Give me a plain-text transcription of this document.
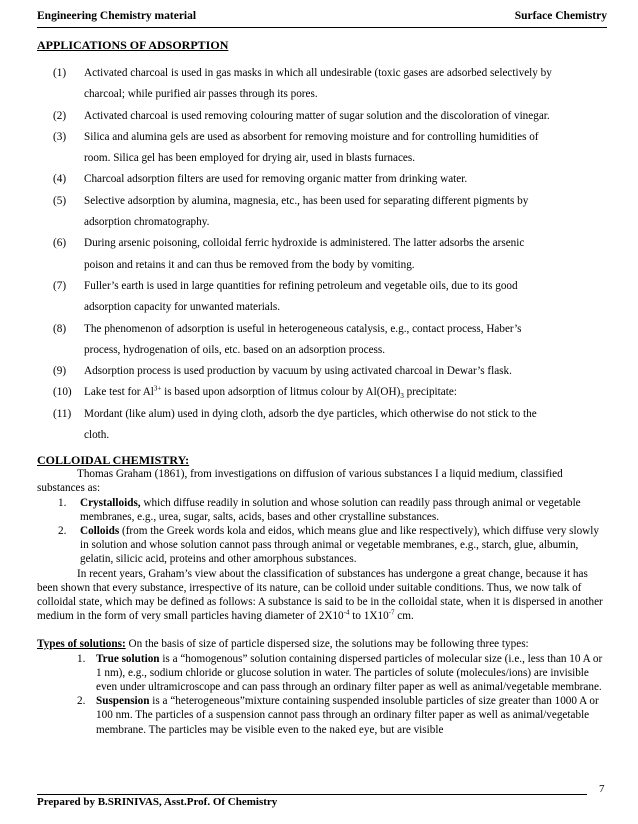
Engineering Chemistry material	Surface Chemistry
APPLICATIONS OF ADSORPTION
(1) Activated charcoal is used in gas masks in which all undesirable (toxic gases are adsorbed selectively by
charcoal; while purified air passes through its pores.
(2) Activated charcoal is used removing colouring matter of sugar solution and the discoloration of vinegar.
(3) Silica and alumina gels are used as absorbent for removing moisture and for controlling humidities of
room. Silica gel has been employed for drying air, used in blasts furnaces.
(4) Charcoal adsorption filters are used for removing organic matter from drinking water.
(5) Selective adsorption by alumina, magnesia, etc., has been used for separating different pigments by
adsorption chromatography.
(6) During arsenic poisoning, colloidal ferric hydroxide is administered. The latter adsorbs the arsenic
poison and retains it and can thus be removed from the body by vomiting.
(7) Fuller’s earth is used in large quantities for refining petroleum and vegetable oils, due to its good
adsorption capacity for unwanted materials.
(8) The phenomenon of adsorption is useful in heterogeneous catalysis, e.g., contact process, Haber’s
process, hydrogenation of oils, etc. based on an adsorption process.
(9) Adsorption process is used production by vacuum by using activated charcoal in Dewar’s flask.
(10) Lake test for $Al^{3+}$ is based upon adsorption of litmus colour by $Al(OH)_3$ precipitate:
(11) Mordant (like alum) used in dying cloth, adsorb the dye particles, which otherwise do not stick to the
cloth.
COLLOIDAL CHEMISTRY:
Thomas Graham (1861), from investigations on diffusion of various substances I a liquid medium, classified substances as:
1. Crystalloids, which diffuse readily in solution and whose solution can readily pass through animal or vegetable membranes, e.g., urea, sugar, salts, acids, bases and other crystalline substances.
2. Colloids (from the Greek words kola and eidos, which means glue and like respectively), which diffuse very slowly in solution and whose solution cannot pass through animal or vegetable membranes, e.g., starch, glue, albumin, gelatin, silicic acid, proteins and other amorphous substances.
In recent years, Graham’s view about the classification of substances has undergone a great change, because it has been shown that every substance, irrespective of its nature, can be colloid under suitable conditions. Thus, we now talk of colloidal state, which may be defined as follows: A substance is said to be in the colloidal state, when it is dispersed in another medium in the form of very small particles having diameter of $2X10^{-4}$ to $1X10^{-7}$ cm.
Types of solutions: On the basis of size of particle dispersed size, the solutions may be following three types:
1. True solution is a “homogenous” solution containing dispersed particles of molecular size (i.e., less than 10 A or 1 nm), e.g., sodium chloride or glucose solution in water. The particles of solute (molecules/ions) are invisible even under ultramicroscope and can pass through an ordinary filter paper as well as animal/vegetable membrane.
2. Suspension is a “heterogeneous”mixture containing suspended insoluble particles of size greater than 1000 A or 100 nm. The particles of a suspension cannot pass through an ordinary filter paper as well as animal/vegetable membrane. The particles may be visible even to the naked eye, but are visible
7
Prepared by B.SRINIVAS, Asst.Prof. Of Chemistry
